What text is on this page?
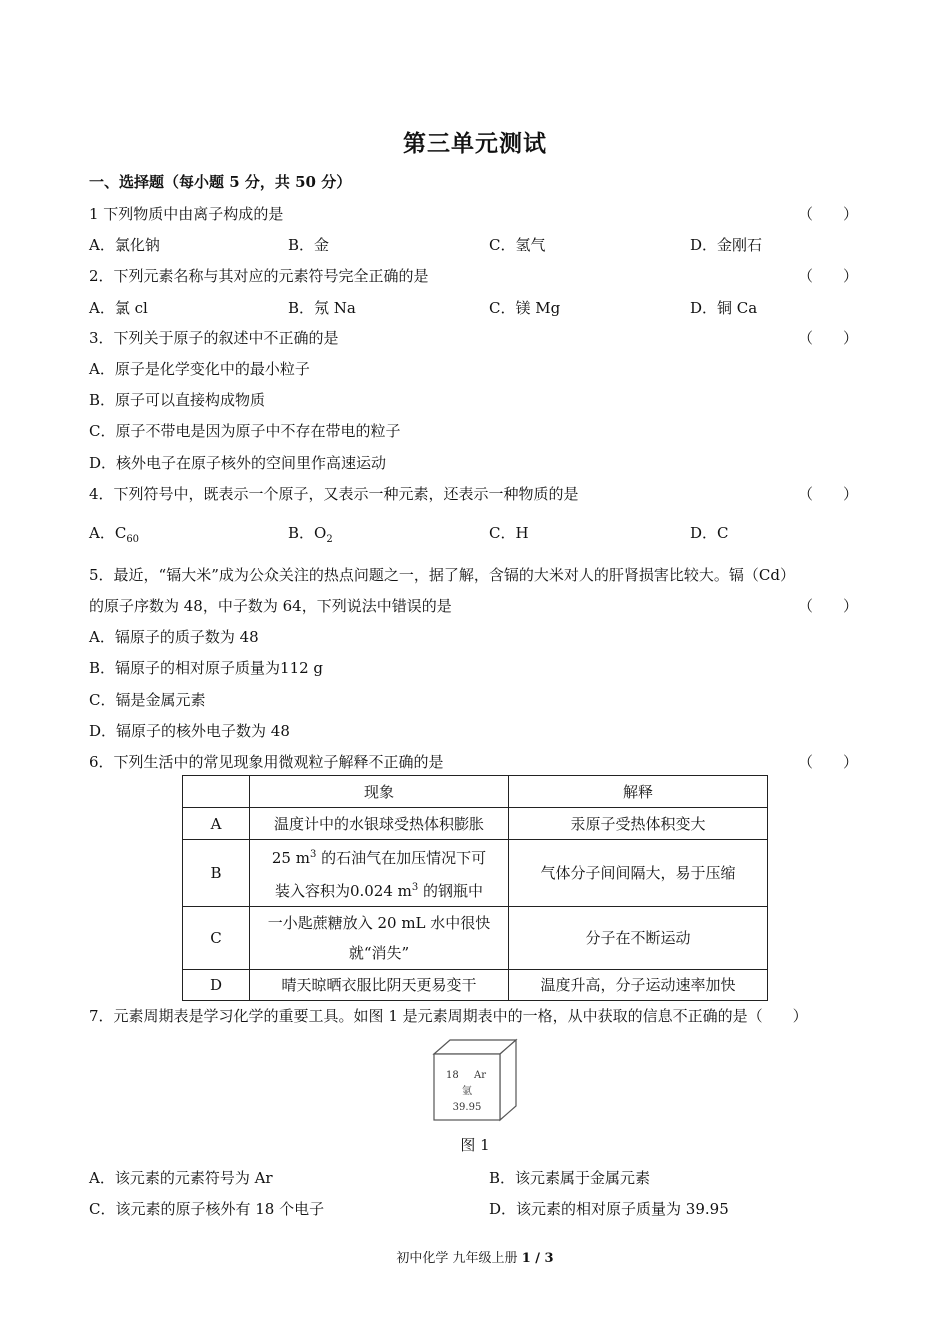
第三单元测试
一、选择题（每小题 5 分，共 50 分）
1 下列物质中由离子构成的是	（　　）
A．氯化钠	B．金	C．氢气	D．金刚石
2．下列元素名称与其对应的元素符号完全正确的是	（　　）
A．氯 cl	B．氖 Na	C．镁 Mg	D．铜 Ca
3．下列关于原子的叙述中不正确的是	（　　）
A．原子是化学变化中的最小粒子
B．原子可以直接构成物质
C．原子不带电是因为原子中不存在带电的粒子
D．核外电子在原子核外的空间里作高速运动
4．下列符号中，既表示一个原子，又表示一种元素，还表示一种物质的是	（　　）
A．$C_{60}$	B．$O_2$	C．H	D．C
5．最近，“镉大米”成为公众关注的热点问题之一，据了解，含镉的大米对人的肝肾损害比较大。镉（Cd）
的原子序数为 48，中子数为 64，下列说法中错误的是	（　　）
A．镉原子的质子数为 48
B．镉原子的相对原子质量为112 g
C．镉是金属元素
D．镉原子的核外电子数为 48
6．下列生活中的常见现象用微观粒子解释不正确的是	（　　）
	现象	解释
A	温度计中的水银球受热体积膨胀	汞原子受热体积变大
B	25 $m^3$ 的石油气在加压情况下可
装入容积为0.024 $m^3$ 的钢瓶中	气体分子间间隔大，易于压缩
C	一小匙蔗糖放入 20 mL 水中很快
就“消失”	分子在不断运动
D	晴天晾晒衣服比阴天更易变干	温度升高，分子运动速率加快
7．元素周期表是学习化学的重要工具。如图 1 是元素周期表中的一格，从中获取的信息不正确的是（　　）
18 Ar
氩
39.95
图 1
A．该元素的元素符号为 Ar	B．该元素属于金属元素
C．该元素的原子核外有 18 个电子	D．该元素的相对原子质量为 39.95
初中化学 九年级上册 1 / 3
